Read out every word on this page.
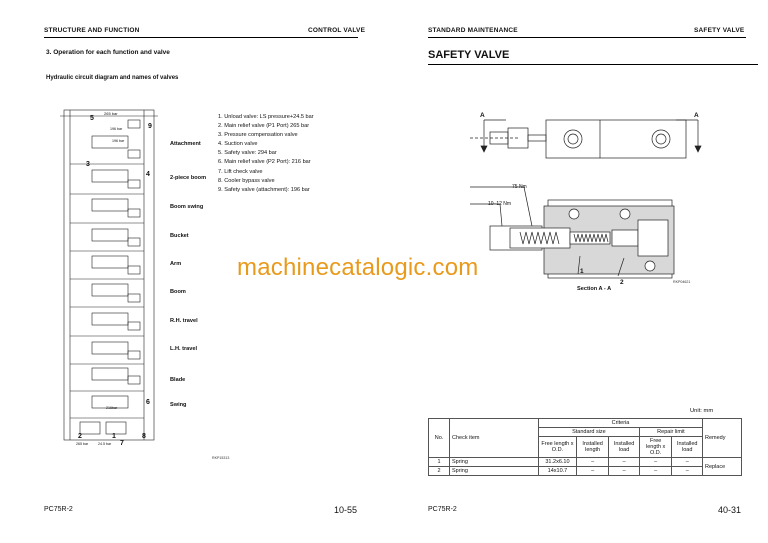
STRUCTURE AND FUNCTION	CONTROL VALVE
3. Operation for each function and valve
Hydraulic circuit diagram and names of valves
265 bar
196 bar
196 bar
216bar
265 bar	24.5 bar
5
9
3
4
2	1
7
6
8
1. Unload valve: LS pressure+24.5 bar
2. Main relief valve (P1 Port) 265 bar
3. Pressure compensation valve
4. Suction valve
5. Safety valve: 294 bar
6. Main relief valve (P2 Port): 216 bar
7. Lift check valve
8. Cooler bypass valve
9. Safety valve (attachment): 196 bar
Attachment
2-piece boom
Boom swing
Bucket
Arm
Boom
R.H. travel
L.H. travel
Blade
Swing
RKP15313
PC75R-2	10-55
STANDARD MAINTENANCE	SAFETY VALVE
SAFETY VALVE
A	A
1
2
75 Nm
10–12 Nm
RKP04621
Section A - A
machinecatalogic.com
Unit: mm
No.	Check item	Criteria					Remedy
		Standard size			Repair limit		
		Free length x O.D.	Installed length	Installed load	Free length x O.D.	Installed load	
1	Spring	31.2x6.10	–	–	–	–	Replace
2	Spring	14x10.7	–	–	–	–	
PC75R-2	40-31
